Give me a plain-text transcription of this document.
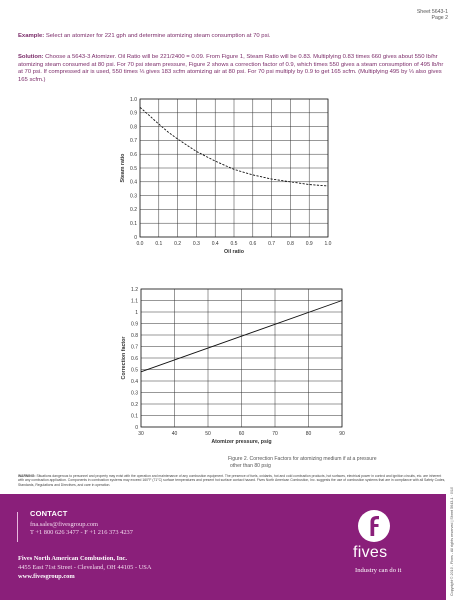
Sheet 5643-1
Page 2

Example: Select an atomizer for 221 gph and determine atomizing steam consumption at 70 psi.

Solution: Choose a 5643-3 Atomizer. Oil Ratio will be 221/2400 = 0.09. From Figure 1, Steam Ratio will be 0.83. Multiplying 0.83 times 660 gives about 550 lb/hr atomizing steam consumed at 80 psi. For 70 psi steam pressure, Figure 2 shows a correction factor of 0.9, which times 550 gives a steam consumption of 495 lb/hr at 70 psi. If compressed air is used, 550 times ⅓ gives 183 scfm atomizing air at 80 psi. For 70 psi multiply by 0.9 to get 165 scfm. (Multiplying 495 by ⅓ also gives 165 scfm.)

0.0 0.1 0.2 0.3 0.4 0.5 0.6 0.7 0.8 0.9 1.0
0
0.1
0.2
0.3
0.4
0.5
0.6
0.7
0.8
0.9
1.0
Oil ratio
Steam ratio
30	40	50	60	70	80	90
0
0.1
0.2
0.3
0.4
0.5
0.6
0.7
0.8
0.9
1
1.1
1.2
Atomizer pressure, psig
Correction factor
Figure 2. Correction Factors for atomizing medium if at a pressure
other than 80 psig

WARNING: Situations dangerous to personnel and property may exist with the operation and maintenance of any combustion equipment. The presence of fuels, oxidants, hot and cold combustion products, hot surfaces, electrical power in control and ignition circuits, etc. are inherent with any combustion application. Components in combustion systems may exceed 160°F (71°C) surface temperatures and present hot surface contact hazard. Fives North American Combustion, Inc. suggests the use of combustion systems that are in compliance with all Safety Codes, Standards, Regulations and Directives, and care in operation.

CONTACT
fna.sales@fivesgroup.com
T +1 800 626 3477 - F +1 216 373 4237
Fives North American Combustion, Inc.
4455 East 71st Street - Cleveland, OH 44105 - USA
www.fivesgroup.com
fives
Industry can do it	Copyright © 2010 - Fives - All rights reserved | Sheet 5643-1 · 0/10
